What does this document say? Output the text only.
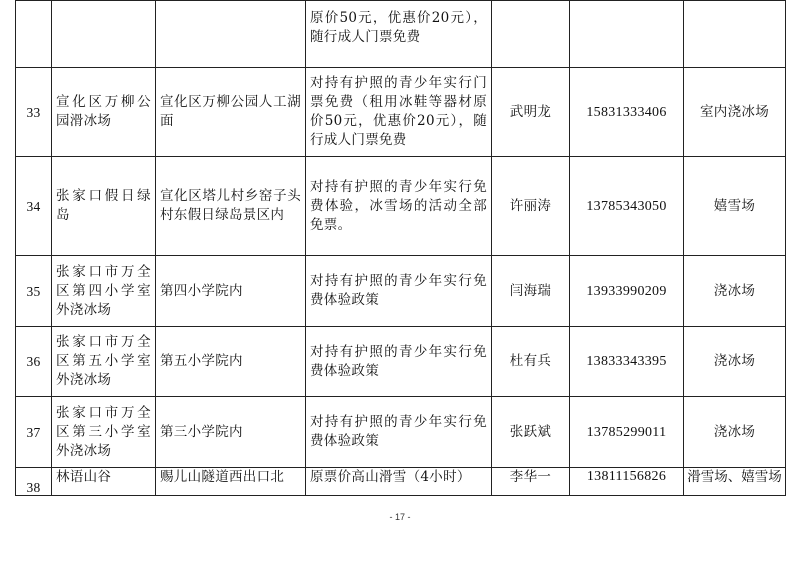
			原价50元，优惠价20元），随行成人门票免费			
33	宣化区万柳公园滑冰场	宣化区万柳公园人工湖面	对持有护照的青少年实行门票免费（租用冰鞋等器材原价50元，优惠价20元），随行成人门票免费	武明龙	15831333406	室内浇冰场
34	张家口假日绿岛	宣化区塔儿村乡窑子头村东假日绿岛景区内	对持有护照的青少年实行免费体验，冰雪场的活动全部免票。	许丽涛	13785343050	嬉雪场
35	张家口市万全区第四小学室外浇冰场	第四小学院内	对持有护照的青少年实行免费体验政策	闫海瑞	13933990209	浇冰场
36	张家口市万全区第五小学室外浇冰场	第五小学院内	对持有护照的青少年实行免费体验政策	杜有兵	13833343395	浇冰场
37	张家口市万全区第三小学室外浇冰场	第三小学院内	对持有护照的青少年实行免费体验政策	张跃斌	13785299011	浇冰场
38	林语山谷	赐儿山隧道西出口北	原票价高山滑雪（4小时）	李华一	13811156826	滑雪场、嬉雪场
- 17 -
